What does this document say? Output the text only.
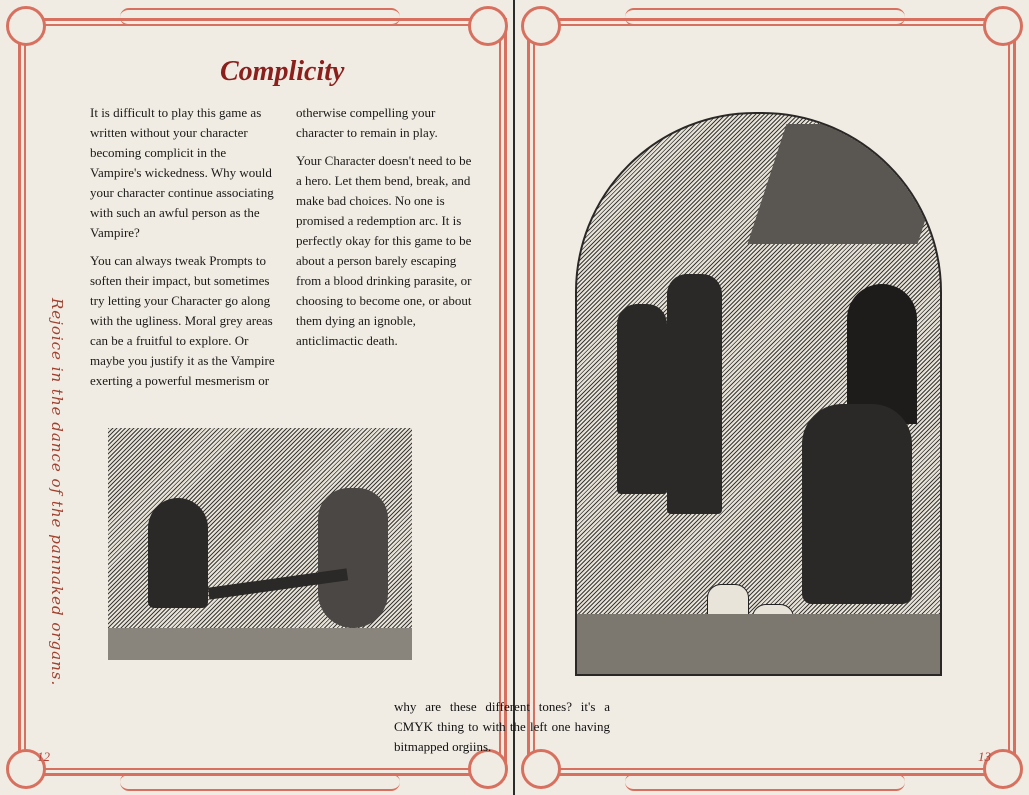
Rejoice in the dance of the pannaked organs.
Complicity

It is difficult to play this game as written without your character becoming complicit in the Vampire's wickedness. Why would your character continue associating with such an awful person as the Vampire?

You can always tweak Prompts to soften their impact, but sometimes try letting your Character go along with the ugliness. Moral grey areas can be a fruitful to explore. Or maybe you justify it as the Vampire exerting a powerful mesmerism or

otherwise compelling your character to remain in play.

Your Character doesn't need to be a hero. Let them bend, break, and make bad choices. No one is promised a redemption arc. It is perfectly okay for this game to be about a person barely escaping from a blood drinking parasite, or choosing to become one, or about them dying an ignoble, anticlimactic death.

12	13
why are these different tones? it's a CMYK thing to with the left one having bitmapped orgiins.
